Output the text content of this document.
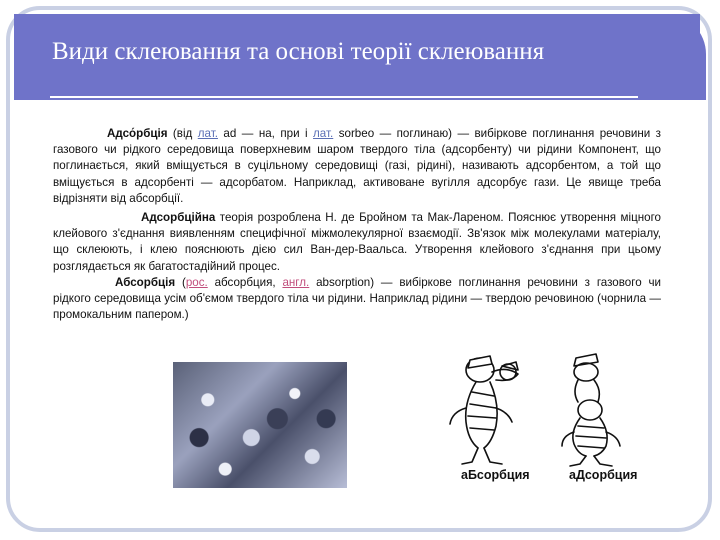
Види склеювання та основі теорії склеювання

Адсо́рбція (від лат. ad — на, при і лат. sorbeo — поглинаю) — вибіркове поглинання речовини з газового чи рідкого середовища поверхневим шаром твердого тіла (адсорбенту) чи рідини Компонент, що поглинається, який вміщується в суцільному середовищі (газі, рідині), називають адсорбентом, а той що вміщується в адсорбенті — адсорбатом. Наприклад, активоване вугілля адсорбує гази. Це явище треба відрізняти від абсорбції.

Адсорбційна теорія розроблена Н. де Бройном та Мак-Лареном. Пояснює утворення міцного клейового з'єднання виявленням специфічної міжмолекулярної взаємодії. Зв'язок між молекулами матеріалу, що склеюють, і клею пояснюють дією сил Ван-дер-Ваальса. Утворення клейового з'єднання при цьому розглядається як багатостадійний процес.

Абсорбція (рос. абсорбция, англ. absorption) — вибіркове поглинання речовини з газового чи рідкого середовища усім об'ємом твердого тіла чи рідини. Наприклад рідини — твердою речовиною (чорнила — промокальним папером.)

аБсорбция	аДсорбция
